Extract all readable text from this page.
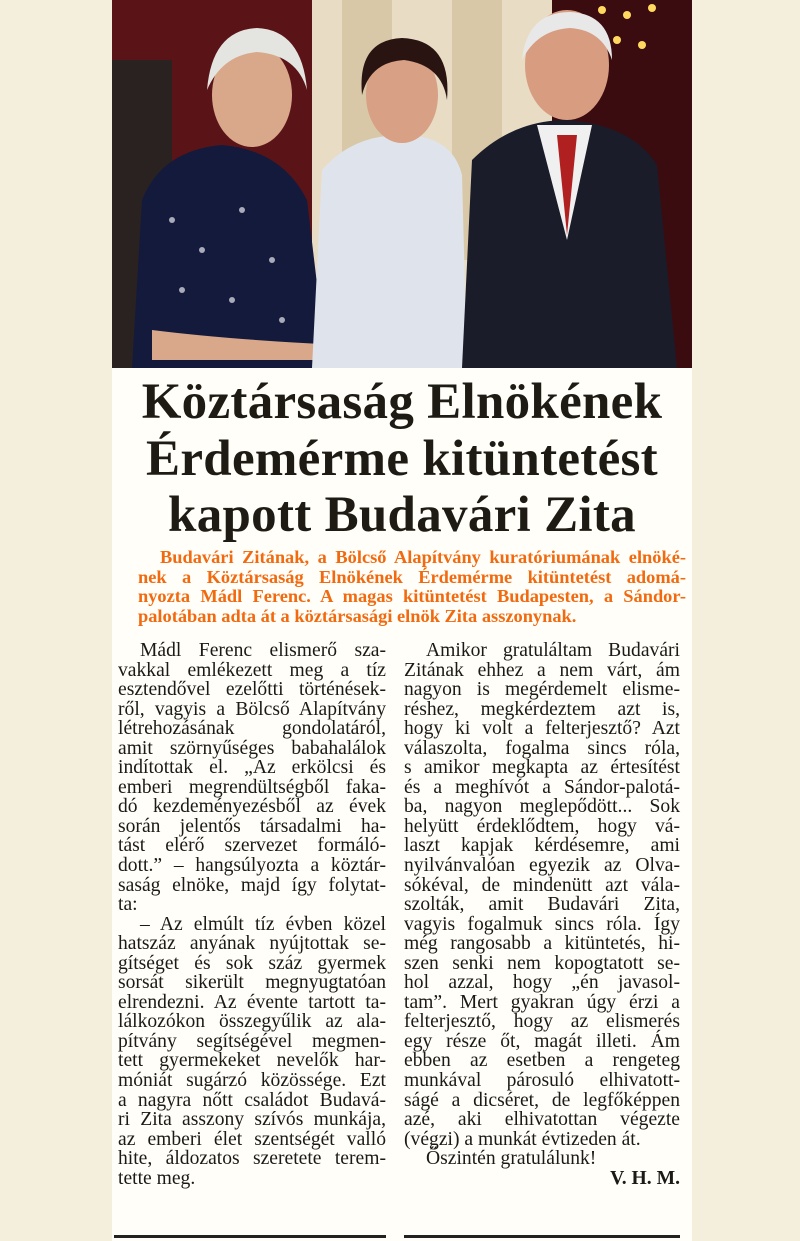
Köztársaság Elnökének
Érdemérme kitüntetést
kapott Budavári Zita
Budavári Zitának, a Bölcső Alapítvány kuratóriumának elnöké-
nek a Köztársaság Elnökének Érdemérme kitüntetést adomá-
nyozta Mádl Ferenc. A magas kitüntetést Budapesten, a Sándor-
palotában adta át a köztársasági elnök Zita asszonynak.
Mádl Ferenc elismerő sza-
vakkal emlékezett meg a tíz
esztendővel ezelőtti történések-
ről, vagyis a Bölcső Alapítvány
létrehozásának gondolatáról,
amit szörnyűséges babahalálok
indítottak el. „Az erkölcsi és
emberi megrendültségből faka-
dó kezdeményezésből az évek
során jelentős társadalmi ha-
tást elérő szervezet formáló-
dott.” – hangsúlyozta a köztár-
saság elnöke, majd így folytat-
ta:
– Az elmúlt tíz évben közel
hatszáz anyának nyújtottak se-
gítséget és sok száz gyermek
sorsát sikerült megnyugtatóan
elrendezni. Az évente tartott ta-
lálkozókon összegyűlik az ala-
pítvány segítségével megmen-
tett gyermekeket nevelők har-
móniát sugárzó közössége. Ezt
a nagyra nőtt családot Budavá-
ri Zita asszony szívós munkája,
az emberi élet szentségét valló
hite, áldozatos szeretete terem-
tette meg.
Amikor gratuláltam Budavári
Zitának ehhez a nem várt, ám
nagyon is megérdemelt elisme-
réshez, megkérdeztem azt is,
hogy ki volt a felterjesztő? Azt
válaszolta, fogalma sincs róla,
s amikor megkapta az értesítést
és a meghívót a Sándor-palotá-
ba, nagyon meglepődött... Sok
helyütt érdeklődtem, hogy vá-
laszt kapjak kérdésemre, ami
nyilvánvalóan egyezik az Olva-
sókéval, de mindenütt azt vála-
szolták, amit Budavári Zita,
vagyis fogalmuk sincs róla. Így
még rangosabb a kitüntetés, hi-
szen senki nem kopogtatott se-
hol azzal, hogy „én javasol-
tam”. Mert gyakran úgy érzi a
felterjesztő, hogy az elismerés
egy része őt, magát illeti. Ám
ebben az esetben a rengeteg
munkával párosuló elhivatott-
ságé a dicséret, de legfőképpen
azé, aki elhivatottan végezte
(végzi) a munkát évtizeden át.
Őszintén gratulálunk!
V. H. M.
